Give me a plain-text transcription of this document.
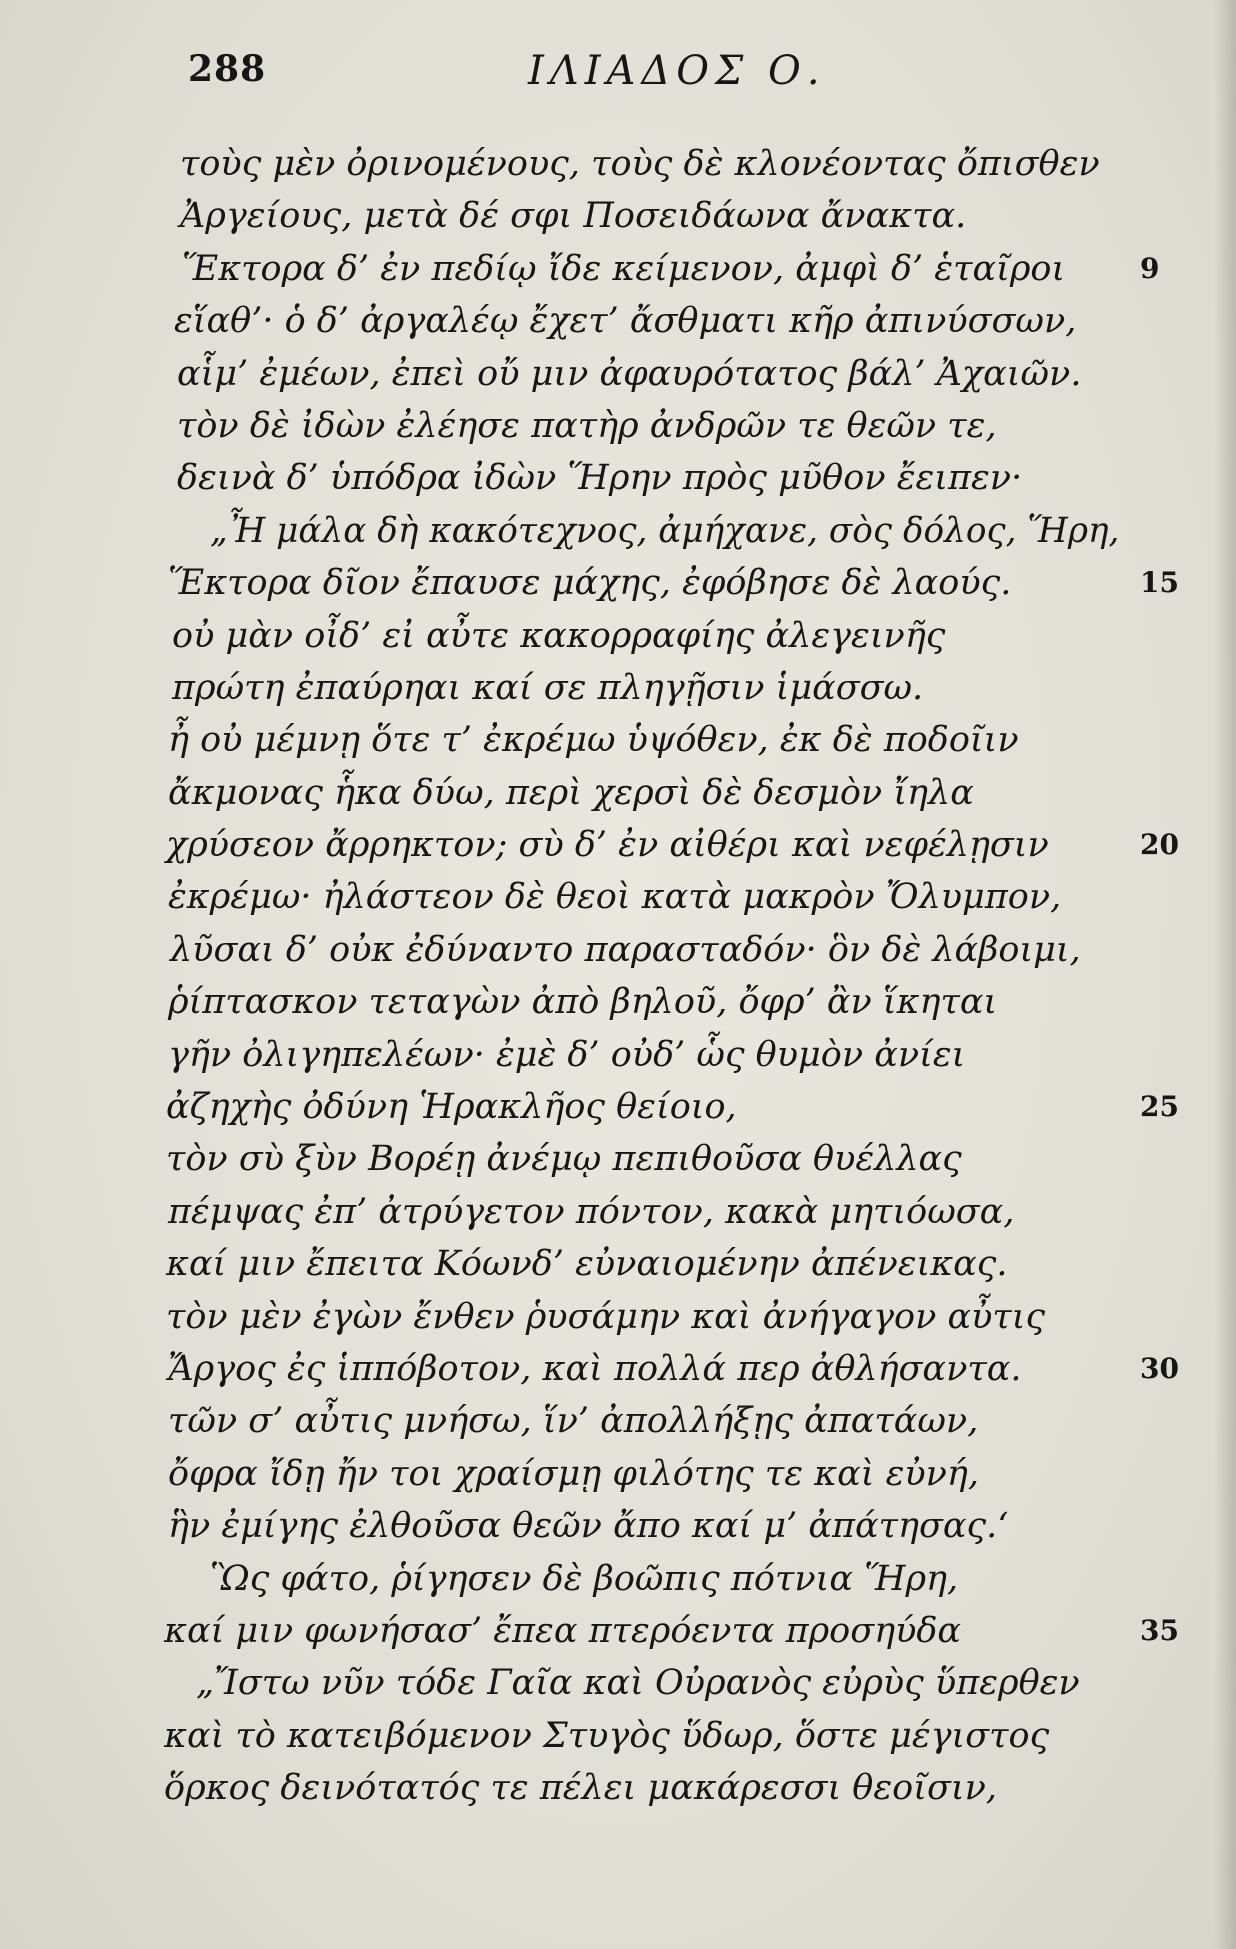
288	ΙΛΙΑΔΟΣ Ο.
τοὺς μὲν ὀρινομένους, τοὺς δὲ κλονέοντας ὄπισθεν
Ἀργείους, μετὰ δέ σφι Ποσειδάωνα ἄνακτα.
Ἕκτορα δ’ ἐν πεδίῳ ἴδε κείμενον, ἀμφὶ δ’ ἑταῖροι	9
εἵαθ’· ὁ δ’ ἀργαλέῳ ἔχετ’ ἄσθματι κῆρ ἀπινύσσων,
αἷμ’ ἐμέων, ἐπεὶ οὔ μιν ἀφαυρότατος βάλ’ Ἀχαιῶν.
τὸν δὲ ἰδὼν ἐλέησε πατὴρ ἀνδρῶν τε θεῶν τε,
δεινὰ δ’ ὑπόδρα ἰδὼν Ἥρην πρὸς μῦθον ἔειπεν·
„Ἦ μάλα δὴ κακότεχνος, ἀμήχανε, σὸς δόλος, Ἥρη,
Ἕκτορα δῖον ἔπαυσε μάχης, ἐφόβησε δὲ λαούς.	15
οὐ μὰν οἶδ’ εἰ αὖτε κακορραφίης ἀλεγεινῆς
πρώτη ἐπαύρηαι καί σε πληγῇσιν ἱμάσσω.
ἦ οὐ μέμνῃ ὅτε τ’ ἐκρέμω ὑψόθεν, ἐκ δὲ ποδοῖιν
ἄκμονας ἧκα δύω, περὶ χερσὶ δὲ δεσμὸν ἴηλα
χρύσεον ἄρρηκτον; σὺ δ’ ἐν αἰθέρι καὶ νεφέλῃσιν	20
ἐκρέμω· ἠλάστεον δὲ θεοὶ κατὰ μακρὸν Ὄλυμπον,
λῦσαι δ’ οὐκ ἐδύναντο παρασταδόν· ὃν δὲ λάβοιμι,
ῥίπτασκον τεταγὼν ἀπὸ βηλοῦ, ὄφρ’ ἂν ἵκηται
γῆν ὀλιγηπελέων· ἐμὲ δ’ οὐδ’ ὧς θυμὸν ἀνίει
ἀζηχὴς ὀδύνη Ἡρακλῆος θείοιο,	25
τὸν σὺ ξὺν Βορέῃ ἀνέμῳ πεπιθοῦσα θυέλλας
πέμψας ἐπ’ ἀτρύγετον πόντον, κακὰ μητιόωσα,
καί μιν ἔπειτα Κόωνδ’ εὐναιομένην ἀπένεικας.
τὸν μὲν ἐγὼν ἔνθεν ῥυσάμην καὶ ἀνήγαγον αὖτις
Ἄργος ἐς ἱππόβοτον, καὶ πολλά περ ἀθλήσαντα.	30
τῶν σ’ αὖτις μνήσω, ἵν’ ἀπολλήξῃς ἀπατάων,
ὄφρα ἴδῃ ἤν τοι χραίσμῃ φιλότης τε καὶ εὐνή,
ἣν ἐμίγης ἐλθοῦσα θεῶν ἄπο καί μ’ ἀπάτησας.‘
Ὣς φάτο, ῥίγησεν δὲ βοῶπις πότνια Ἥρη,
καί μιν φωνήσασ’ ἔπεα πτερόεντα προσηύδα	35
„Ἴστω νῦν τόδε Γαῖα καὶ Οὐρανὸς εὐρὺς ὕπερθεν
καὶ τὸ κατειβόμενον Στυγὸς ὕδωρ, ὅστε μέγιστος
ὅρκος δεινότατός τε πέλει μακάρεσσι θεοῖσιν,
